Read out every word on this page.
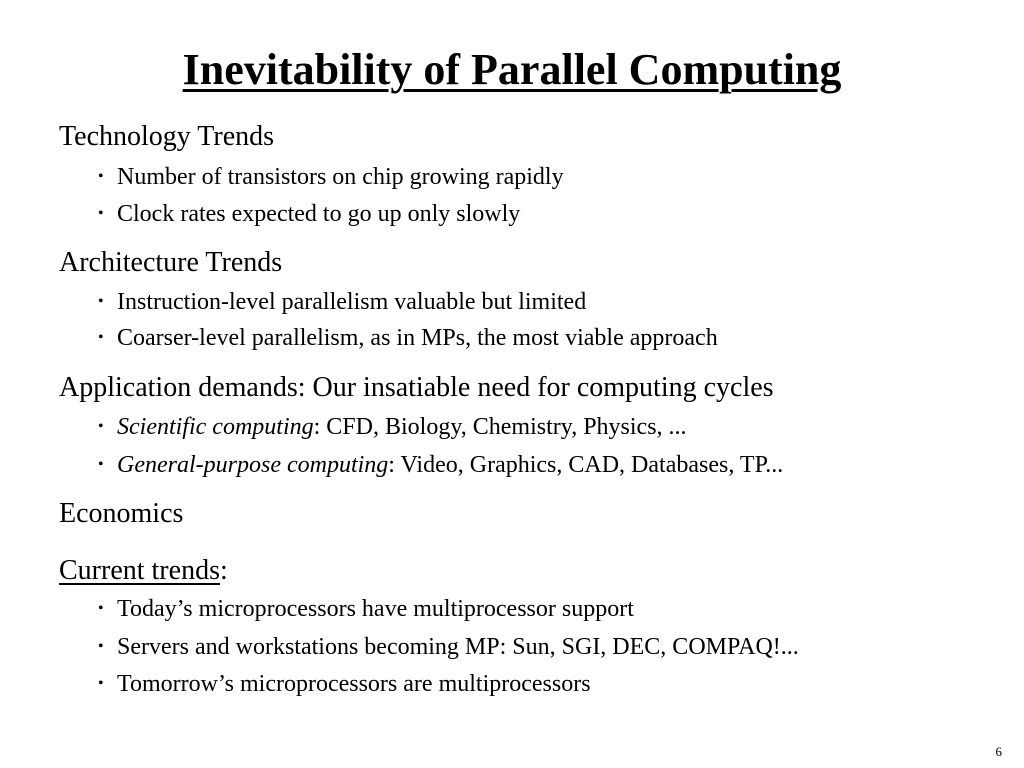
Inevitability of Parallel Computing
Technology Trends
• Number of transistors on chip growing rapidly
• Clock rates expected to go up only slowly
Architecture Trends
• Instruction-level parallelism valuable but limited
• Coarser-level parallelism, as in MPs, the most viable approach
Application demands: Our insatiable need for computing cycles
• Scientific computing: CFD, Biology, Chemistry, Physics, ...
• General-purpose computing: Video, Graphics, CAD, Databases, TP...
Economics
Current trends:
• Today’s microprocessors have multiprocessor support
• Servers and workstations becoming MP: Sun, SGI, DEC, COMPAQ!...
• Tomorrow’s microprocessors are multiprocessors
6
